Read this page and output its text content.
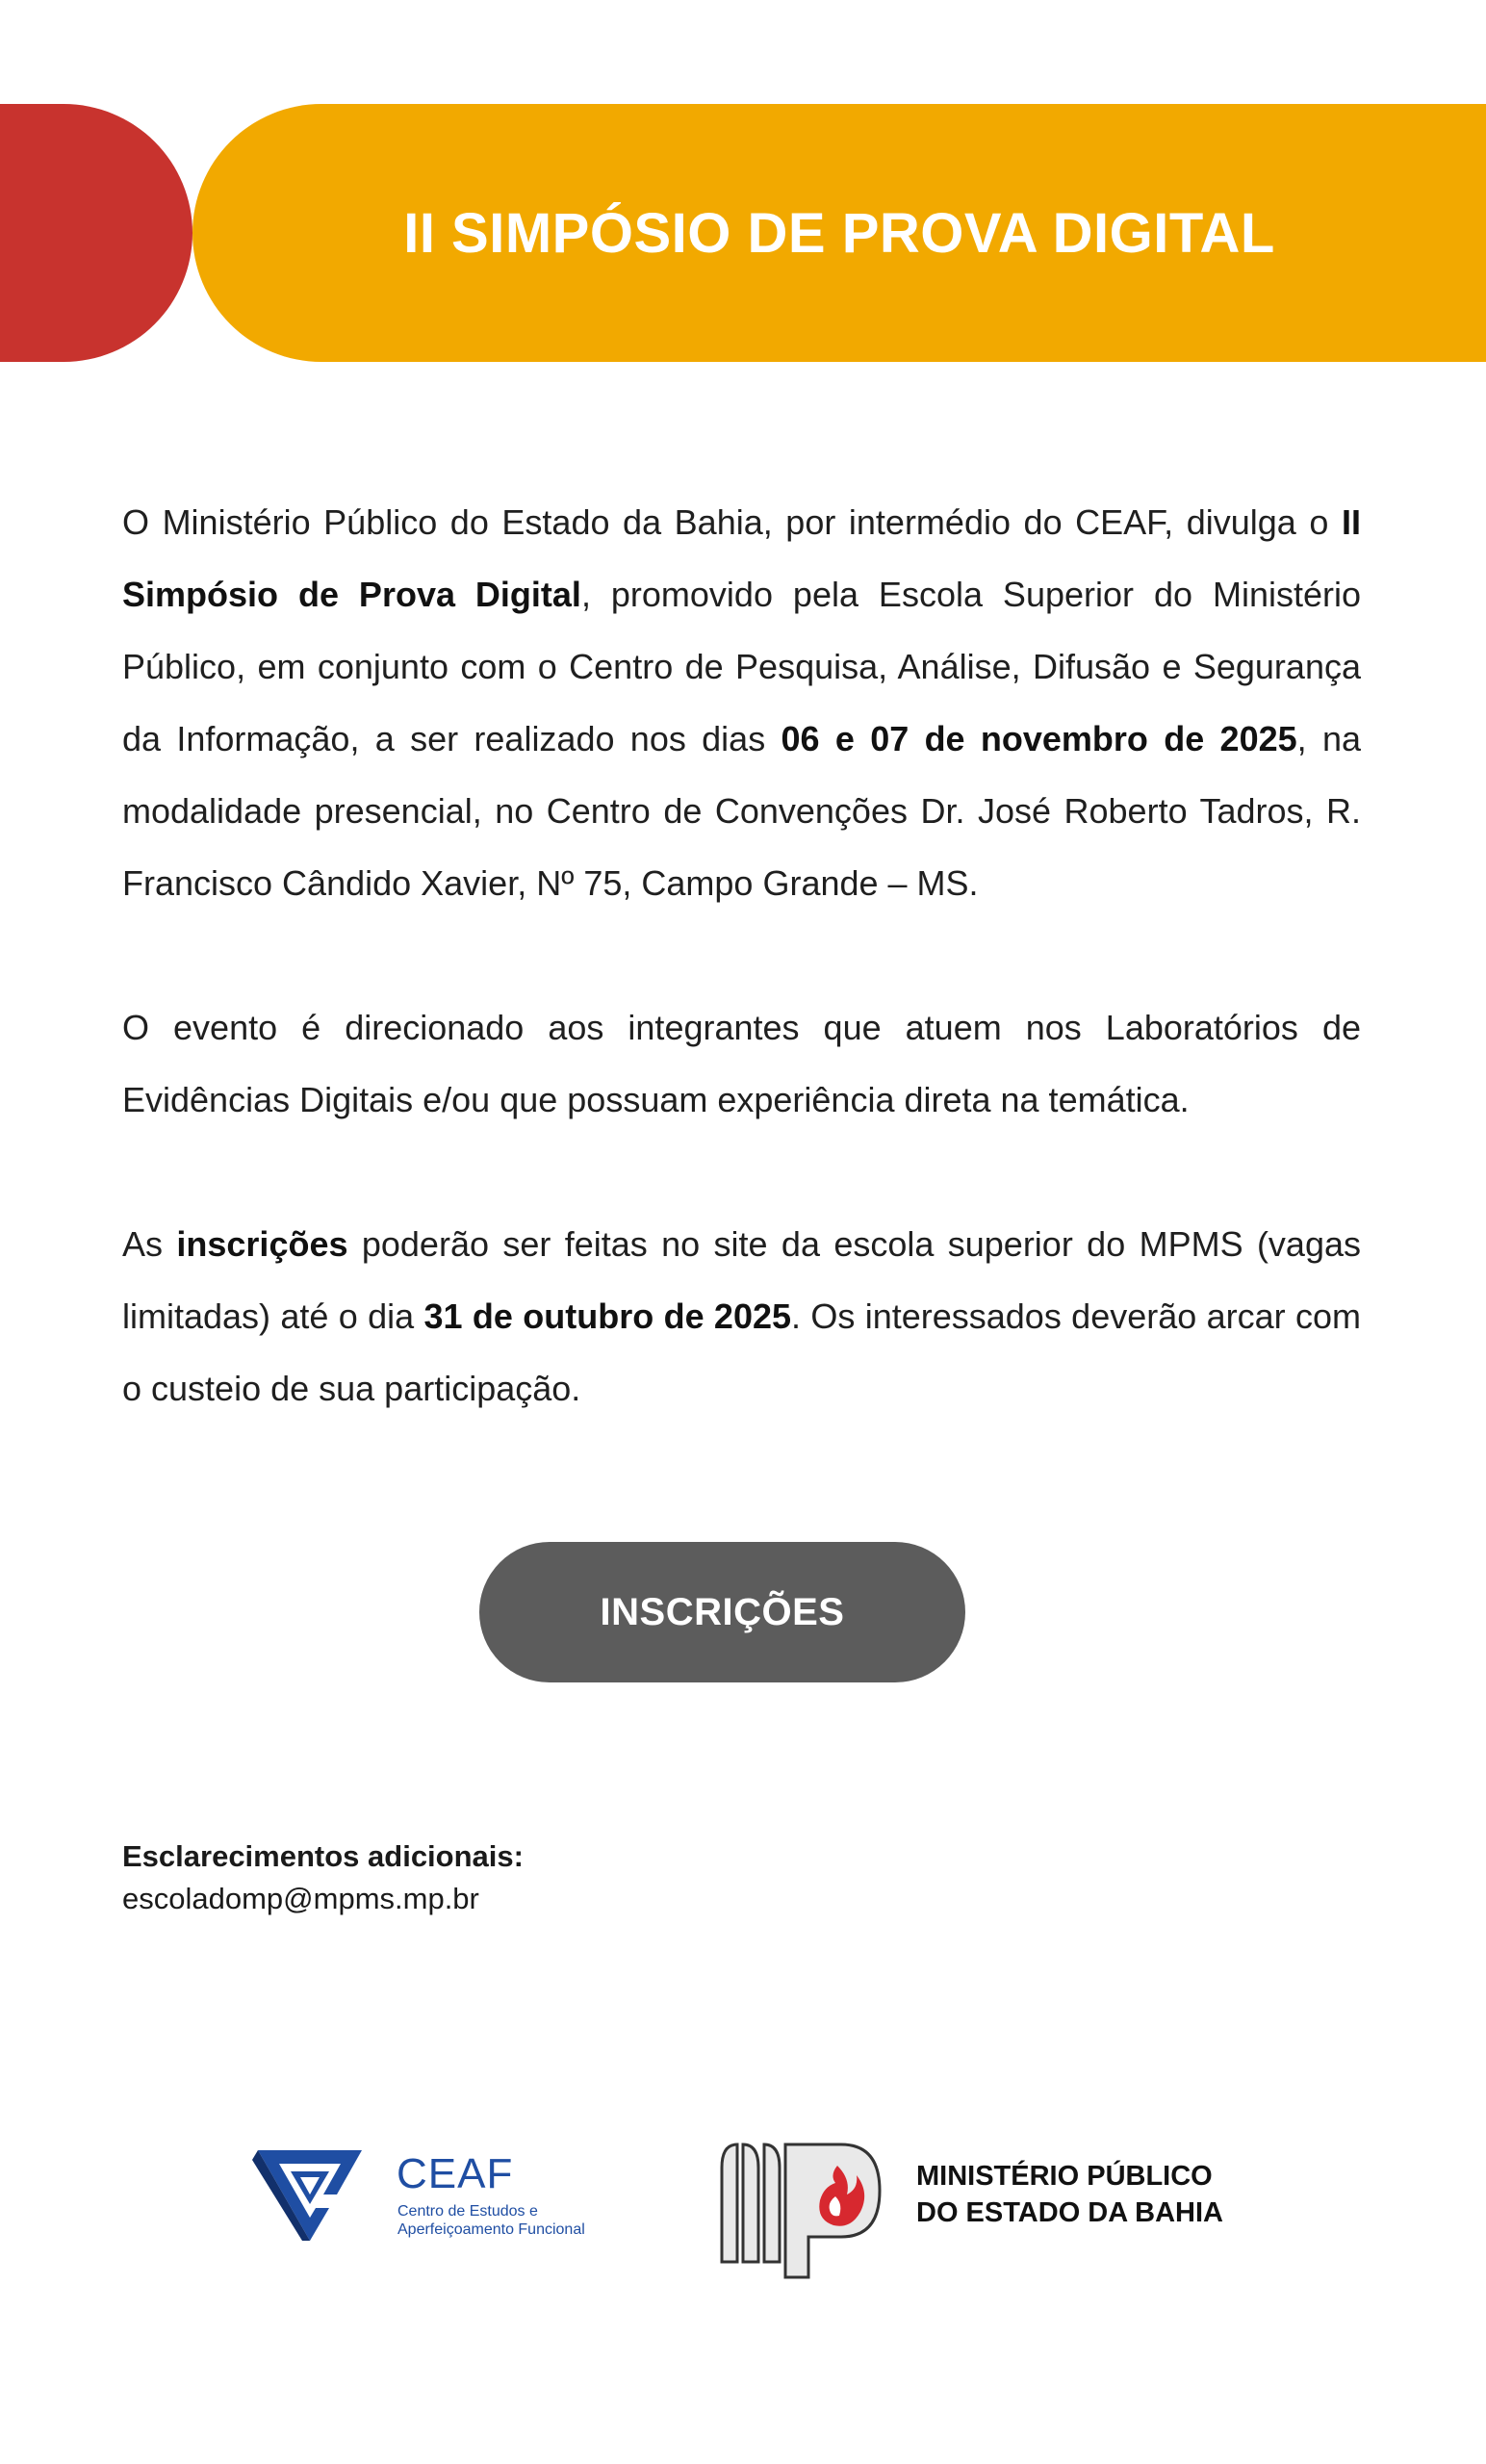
II SIMPÓSIO DE PROVA DIGITAL

O Ministério Público do Estado da Bahia, por intermédio do CEAF, divulga o II Simpósio de Prova Digital, promovido pela Escola Superior do Ministério Público, em conjunto com o Centro de Pesquisa, Análise, Difusão e Segurança da Informação, a ser realizado nos dias 06 e 07 de novembro de 2025, na modalidade presencial, no Centro de Convenções Dr. José Roberto Tadros, R. Francisco Cândido Xavier, Nº 75, Campo Grande – MS.

O evento é direcionado aos integrantes que atuem nos Laboratórios de Evidências Digitais e/ou que possuam experiência direta na temática.

As inscrições poderão ser feitas no site da escola superior do MPMS (vagas limitadas) até o dia 31 de outubro de 2025. Os interessados deverão arcar com o custeio de sua participação.

INSCRIÇÕES
Esclarecimentos adicionais:
escoladomp@mpms.mp.br
CEAF
Centro de Estudos e
Aperfeiçoamento Funcional
MINISTÉRIO PÚBLICO
DO ESTADO DA BAHIA
